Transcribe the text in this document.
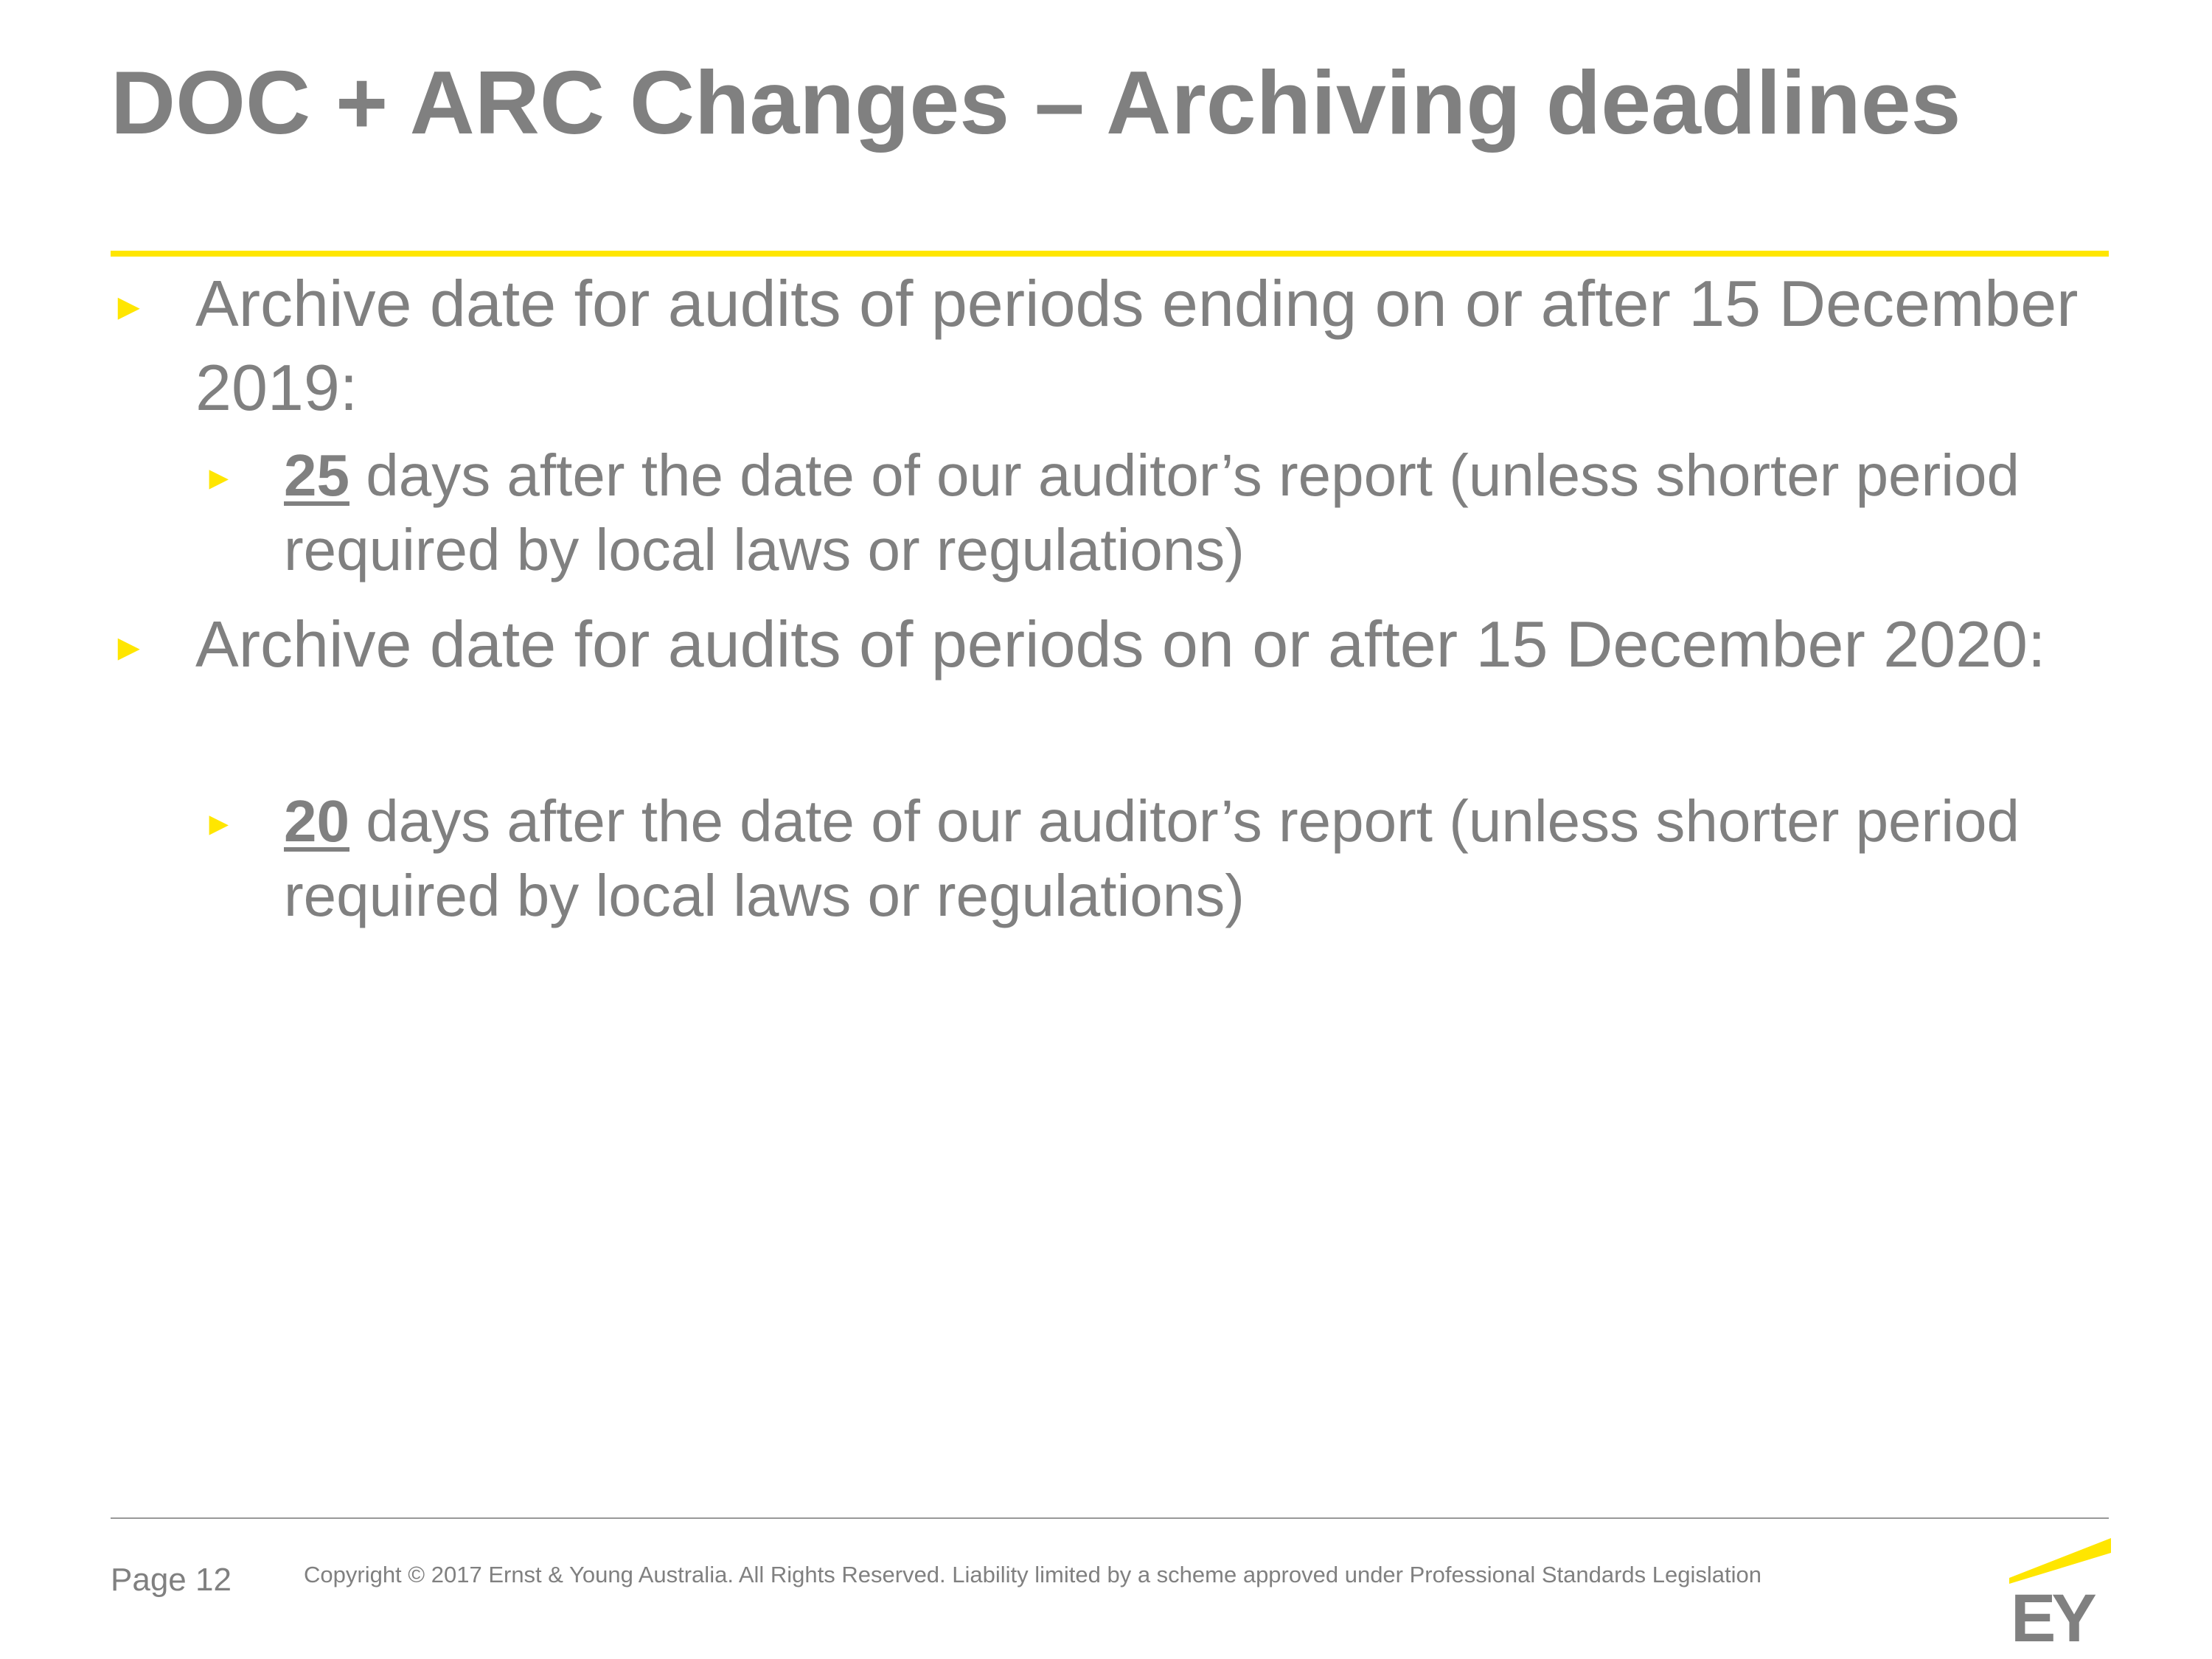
DOC + ARC Changes – Archiving deadlines
► Archive date for audits of periods ending on or after 15 December 2019:
► 25 days after the date of our auditor’s report (unless shorter period required by local laws or regulations)
► Archive date for audits of periods on or after 15 December 2020:
► 20 days after the date of our auditor’s report (unless shorter period required by local laws or regulations)
Page 12	Copyright © 2017 Ernst & Young Australia. All Rights Reserved. Liability limited by a scheme approved under Professional Standards Legislation
EY
